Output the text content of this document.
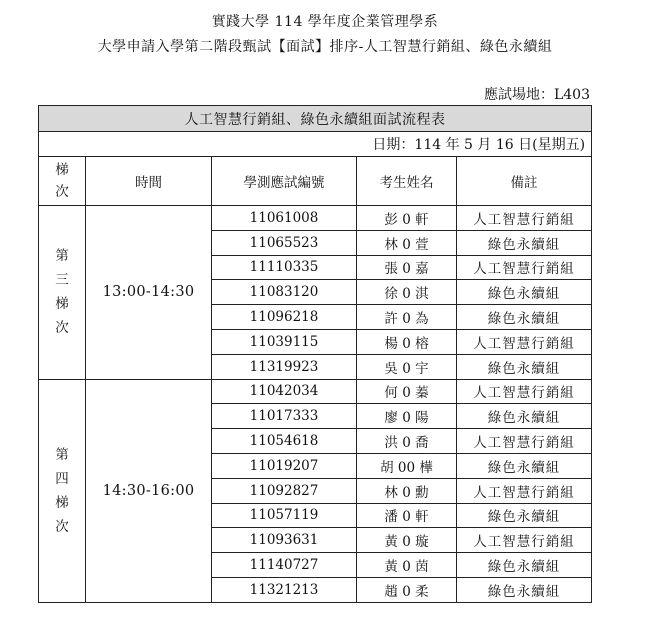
實踐大學 114 學年度企業管理學系
大學申請入學第二階段甄試【面試】排序-人工智慧行銷組、綠色永續組
應試場地：L403
人工智慧行銷組、綠色永續組面試流程表				
日期：114 年 5 月 16 日(星期五)				
梯
次	時間	學測應試編號	考生姓名	備註
第
三
梯
次	13:00-14:30	11061008	彭 0 軒	人工智慧行銷組
		11065523	林 0 萱	綠色永續組
		11110335	張 0 嘉	人工智慧行銷組
		11083120	徐 0 淇	綠色永續組
		11096218	許 0 為	綠色永續組
		11039115	楊 0 榕	人工智慧行銷組
		11319923	吳 0 宇	綠色永續組
第
四
梯
次	14:30-16:00	11042034	何 0 蓁	人工智慧行銷組
		11017333	廖 0 陽	綠色永續組
		11054618	洪 0 喬	人工智慧行銷組
		11019207	胡 00 樺	綠色永續組
		11092827	林 0 勳	人工智慧行銷組
		11057119	潘 0 軒	綠色永續組
		11093631	黃 0 璇	人工智慧行銷組
		11140727	黃 0 茵	綠色永續組
		11321213	趙 0 柔	綠色永續組
